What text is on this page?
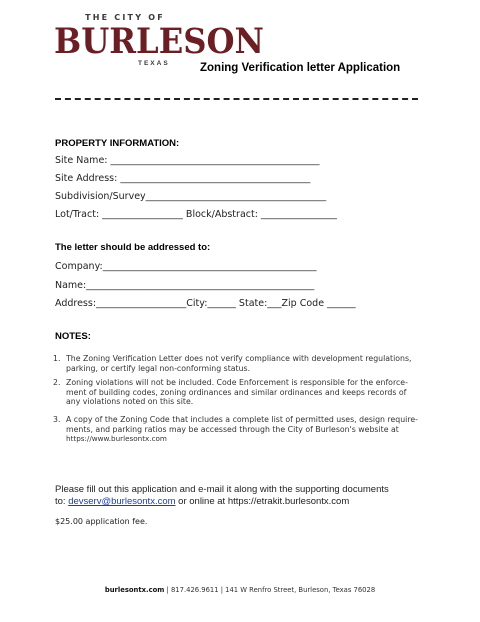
THE CITY OF
BURLESON
TEXAS	Zoning Verification letter Application
PROPERTY INFORMATION:
Site Name: ____________________________________________
Site Address: ________________________________________
Subdivision/Survey______________________________________
Lot/Tract: _________________ Block/Abstract: ________________
The letter should be addressed to:
Company:_____________________________________________
Name:________________________________________________
Address:___________________City:______ State:___Zip Code ______
NOTES:
1. The Zoning Verification Letter does not verify compliance with development regulations,
parking, or certify legal non-conforming status.
2. Zoning violations will not be included. Code Enforcement is responsible for the enforce-
ment of building codes, zoning ordinances and similar ordinances and keeps records of
any violations noted on this site.
3. A copy of the Zoning Code that includes a complete list of permitted uses, design require-
ments, and parking ratios may be accessed through the City of Burleson's website at
https://www.burlesontx.com
Please fill out this application and e-mail it along with the supporting documents
to: devserv@burlesontx.com or online at https://etrakit.burlesontx.com
$25.00 application fee.
burlesontx.com | 817.426.9611 | 141 W Renfro Street, Burleson, Texas 76028
